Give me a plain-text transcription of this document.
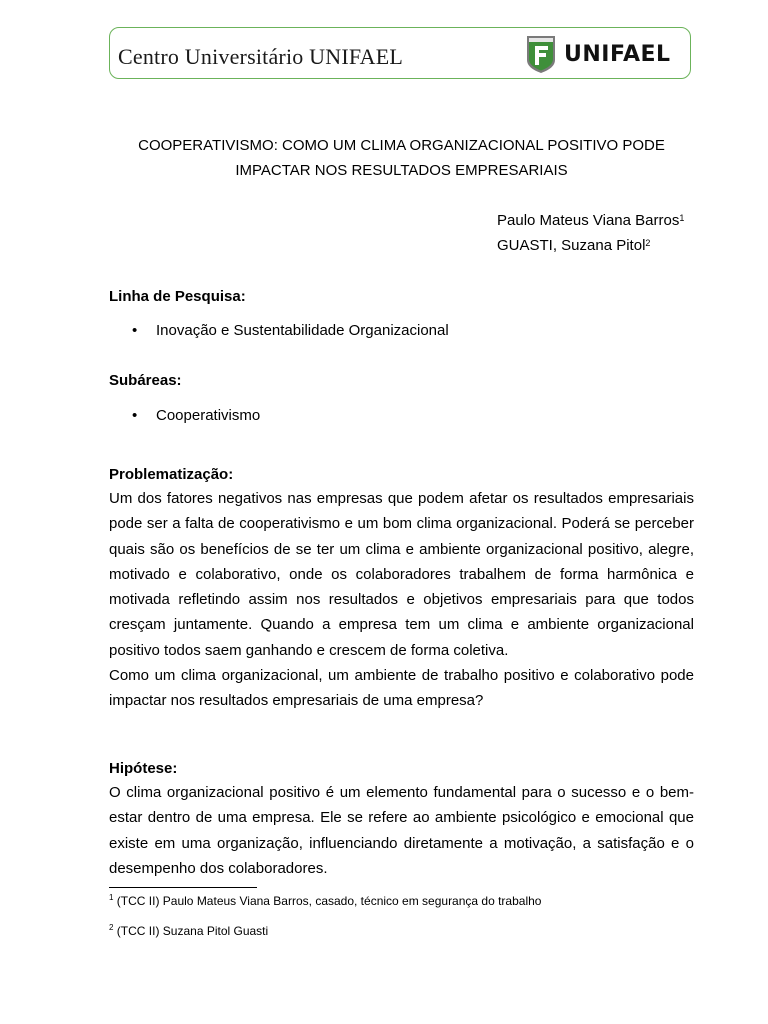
Centro Universitário UNIFAEL	UNIFAEL
COOPERATIVISMO: COMO UM CLIMA ORGANIZACIONAL POSITIVO PODE
IMPACTAR NOS RESULTADOS EMPRESARIAIS
Paulo Mateus Viana Barros$^1$
GUASTI, Suzana Pitol$^2$
Linha de Pesquisa:
• Inovação e Sustentabilidade Organizacional
Subáreas:
• Cooperativismo
Problematização:

Um dos fatores negativos nas empresas que podem afetar os resultados empresariais pode ser a falta de cooperativismo e um bom clima organizacional. Poderá se perceber quais são os benefícios de se ter um clima e ambiente organizacional positivo, alegre, motivado e colaborativo, onde os colaboradores trabalhem de forma harmônica e motivada refletindo assim nos resultados e objetivos empresariais para que todos cresçam juntamente. Quando a empresa tem um clima e ambiente organizacional positivo todos saem ganhando e crescem de forma coletiva.

Como um clima organizacional, um ambiente de trabalho positivo e colaborativo pode impactar nos resultados empresariais de uma empresa?

Hipótese:

O clima organizacional positivo é um elemento fundamental para o sucesso e o bem-estar dentro de uma empresa. Ele se refere ao ambiente psicológico e emocional que existe em uma organização, influenciando diretamente a motivação, a satisfação e o desempenho dos colaboradores.

$^1$ (TCC II) Paulo Mateus Viana Barros, casado, técnico em segurança do trabalho
$^2$ (TCC II) Suzana Pitol Guasti
